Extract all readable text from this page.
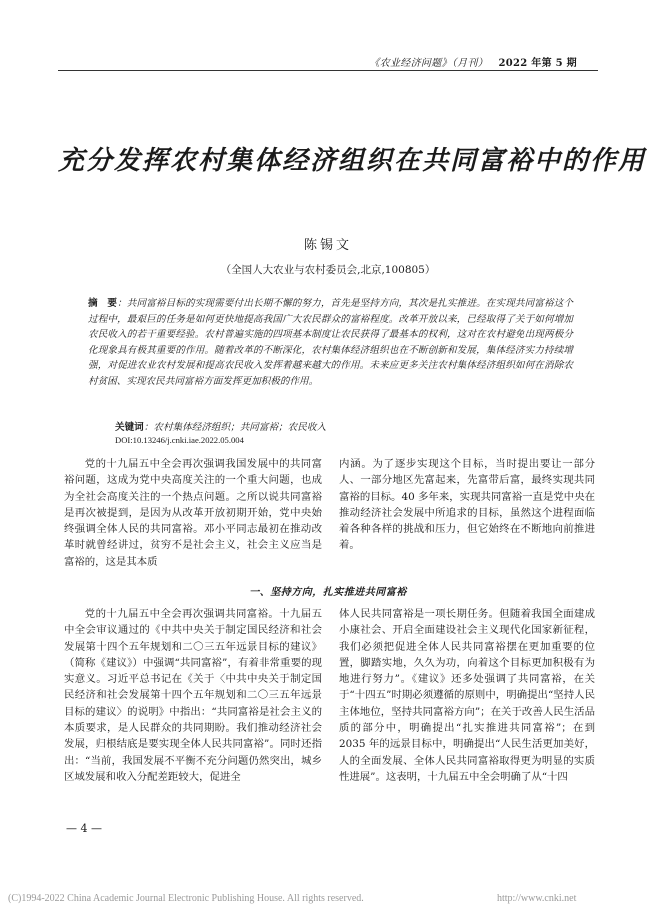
《农业经济问题》（月刊） 2022 年第 5 期
充分发挥农村集体经济组织在共同富裕中的作用
陈锡文
（全国人大农业与农村委员会,北京,100805）
摘　要：共同富裕目标的实现需要付出长期不懈的努力，首先是坚持方向，其次是扎实推进。在实现共同富裕这个过程中，最艰巨的任务是如何更快地提高我国广大农民群众的富裕程度。改革开放以来，已经取得了关于如何增加农民收入的若干重要经验。农村普遍实施的四项基本制度让农民获得了最基本的权利，这对在农村避免出现两极分化现象具有极其重要的作用。随着改革的不断深化，农村集体经济组织也在不断创新和发展，集体经济实力持续增强，对促进农业农村发展和提高农民收入发挥着越来越大的作用。未来应更多关注农村集体经济组织如何在消除农村贫困、实现农民共同富裕方面发挥更加积极的作用。
关键词：农村集体经济组织；共同富裕；农民收入
DOI:10.13246/j.cnki.iae.2022.05.004

党的十九届五中全会再次强调我国发展中的共同富裕问题，这成为党中央高度关注的一个重大问题，也成为全社会高度关注的一个热点问题。之所以说共同富裕是再次被提到，是因为从改革开放初期开始，党中央始终强调全体人民的共同富裕。邓小平同志最初在推动改革时就曾经讲过，贫穷不是社会主义，社会主义应当是富裕的，这是其本质

内涵。为了逐步实现这个目标，当时提出要让一部分人、一部分地区先富起来，先富带后富，最终实现共同富裕的目标。40 多年来，实现共同富裕一直是党中央在推动经济社会发展中所追求的目标，虽然这个进程面临着各种各样的挑战和压力，但它始终在不断地向前推进着。

一、坚持方向，扎实推进共同富裕

党的十九届五中全会再次强调共同富裕。十九届五中全会审议通过的《中共中央关于制定国民经济和社会发展第十四个五年规划和二〇三五年远景目标的建议》（简称《建议》）中强调“共同富裕”，有着非常重要的现实意义。习近平总书记在《关于〈中共中央关于制定国民经济和社会发展第十四个五年规划和二〇三五年远景目标的建议〉的说明》中指出：“共同富裕是社会主义的本质要求，是人民群众的共同期盼。我们推动经济社会发展，归根结底是要实现全体人民共同富裕”。同时还指出：“当前，我国发展不平衡不充分问题仍然突出，城乡区域发展和收入分配差距较大，促进全

体人民共同富裕是一项长期任务。但随着我国全面建成小康社会、开启全面建设社会主义现代化国家新征程，我们必须把促进全体人民共同富裕摆在更加重要的位置，脚踏实地，久久为功，向着这个目标更加积极有为地进行努力”。《建议》还多处强调了共同富裕，在关于“十四五”时期必须遵循的原则中，明确提出“坚持人民主体地位，坚持共同富裕方向”；在关于改善人民生活品质的部分中，明确提出“扎实推进共同富裕”；在到 2035 年的远景目标中，明确提出“人民生活更加美好，人的全面发展、全体人民共同富裕取得更为明显的实质性进展”。这表明，十九届五中全会明确了从“十四

— 4 —
(C)1994-2022 China Academic Journal Electronic Publishing House. All rights reserved.	http://www.cnki.net
